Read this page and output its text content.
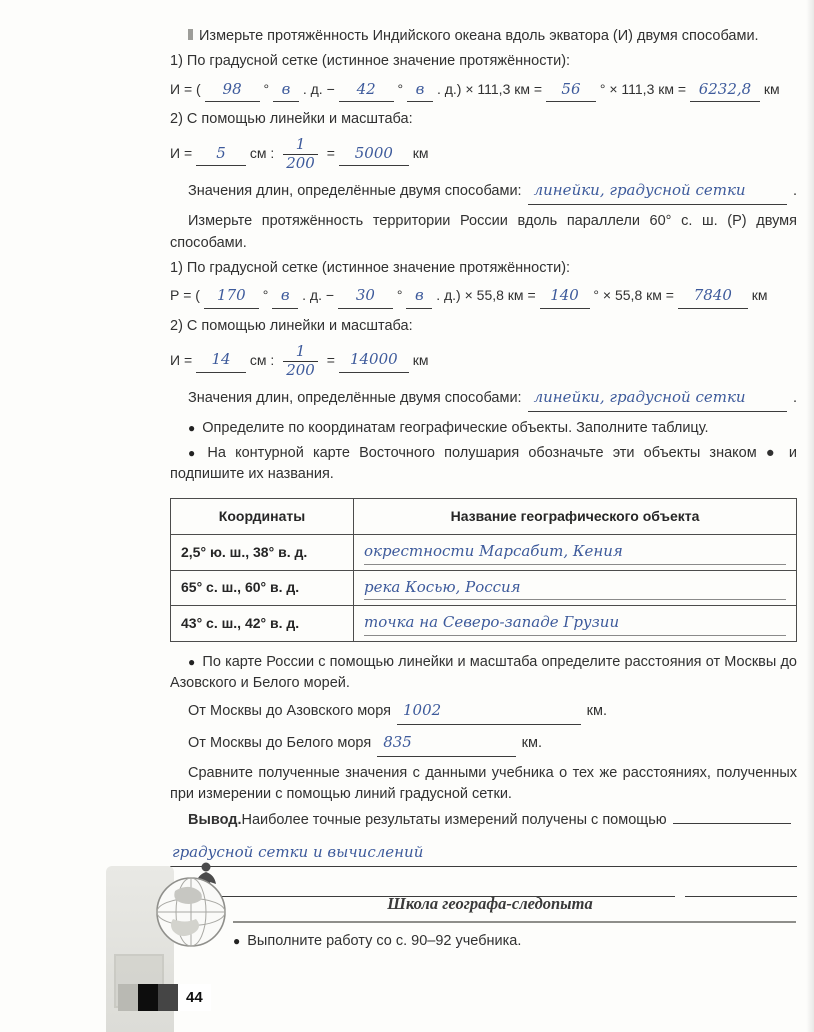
Измерьте протяжённость Индийского океана вдоль экватора (И) двумя способами.

1) По градусной сетке (истинное значение протяжённости):

И = ( 98 ° в . д. − 42 ° в . д.) × 111,3 км = 56 ° × 111,3 км = 6232,8 км

2) С помощью линейки и масштаба:

И = 5 см : $\frac{1}{200} = 5000$ км
Значения длин, определённые двумя способами: линейки, градусной сетки	.

Измерьте протяжённость территории России вдоль параллели 60° с. ш. (Р) двумя способами.

1) По градусной сетке (истинное значение протяжённости):

Р = ( 170 ° в . д. − 30 ° в . д.) × 55,8 км = 140 ° × 55,8 км = 7840 км

2) С помощью линейки и масштаба:

И = 14 см : $\frac{1}{200} = 14000$ км
Значения длин, определённые двумя способами: линейки, градусной сетки	.

● Определите по координатам географические объекты. Заполните таблицу.

● На контурной карте Восточного полушария обозначьте эти объекты знаком ● и подпишите их названия.

Координаты	Название географического объекта
2,5° ю. ш., 38° в. д.	окрестности Марсабит, Кения
65° с. ш., 60° в. д.	река Косью, Россия
43° с. ш., 42° в. д.	точка на Северо-западе Грузии

● По карте России с помощью линейки и масштаба определите расстояния от Москвы до Азовского и Белого морей.

От Москвы до Азовского моря 1002	км.
От Москвы до Белого моря 835	км.

Сравните полученные значения с данными учебника о тех же расстояниях, полученных при измерении с помощью линий градусной сетки.

Вывод. Наиболее точные результаты измерений получены с помощью
градусной сетки и вычислений
Школа географа-следопыта
● Выполните работу со с. 90–92 учебника.
44
